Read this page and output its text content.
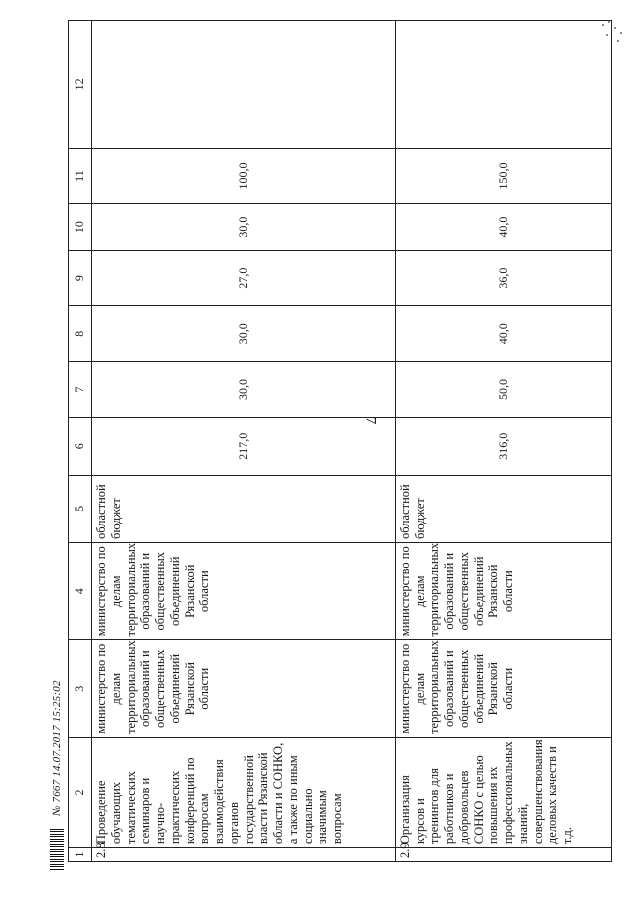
7
1	2	3	4	5	6	7	8	9	10	11	12
2.8	Проведение обучающих тематических семинаров и научно-практических конференций по вопросам взаимодействия органов государственной власти Рязанской области и СОНКО, а также по иным социально значимым вопросам	министерство по делам территориальных образований и общественных объединений Рязанской области	министерство по делам территориальных образований и общественных объединений Рязанской области	областной бюджет	217,0	30,0	30,0	27,0	30,0	100,0	
2.9	Организация курсов и тренингов для работников и добровольцев СОНКО с целью повышения их профессиональных знаний, совершенствования деловых качеств и т.д.	министерство по делам территориальных образований и общественных объединений Рязанской области	министерство по делам территориальных образований и общественных объединений Рязанской области	областной бюджет	316,0	50,0	40,0	36,0	40,0	150,0	
№ 7667 14.07.2017 15:25:02
